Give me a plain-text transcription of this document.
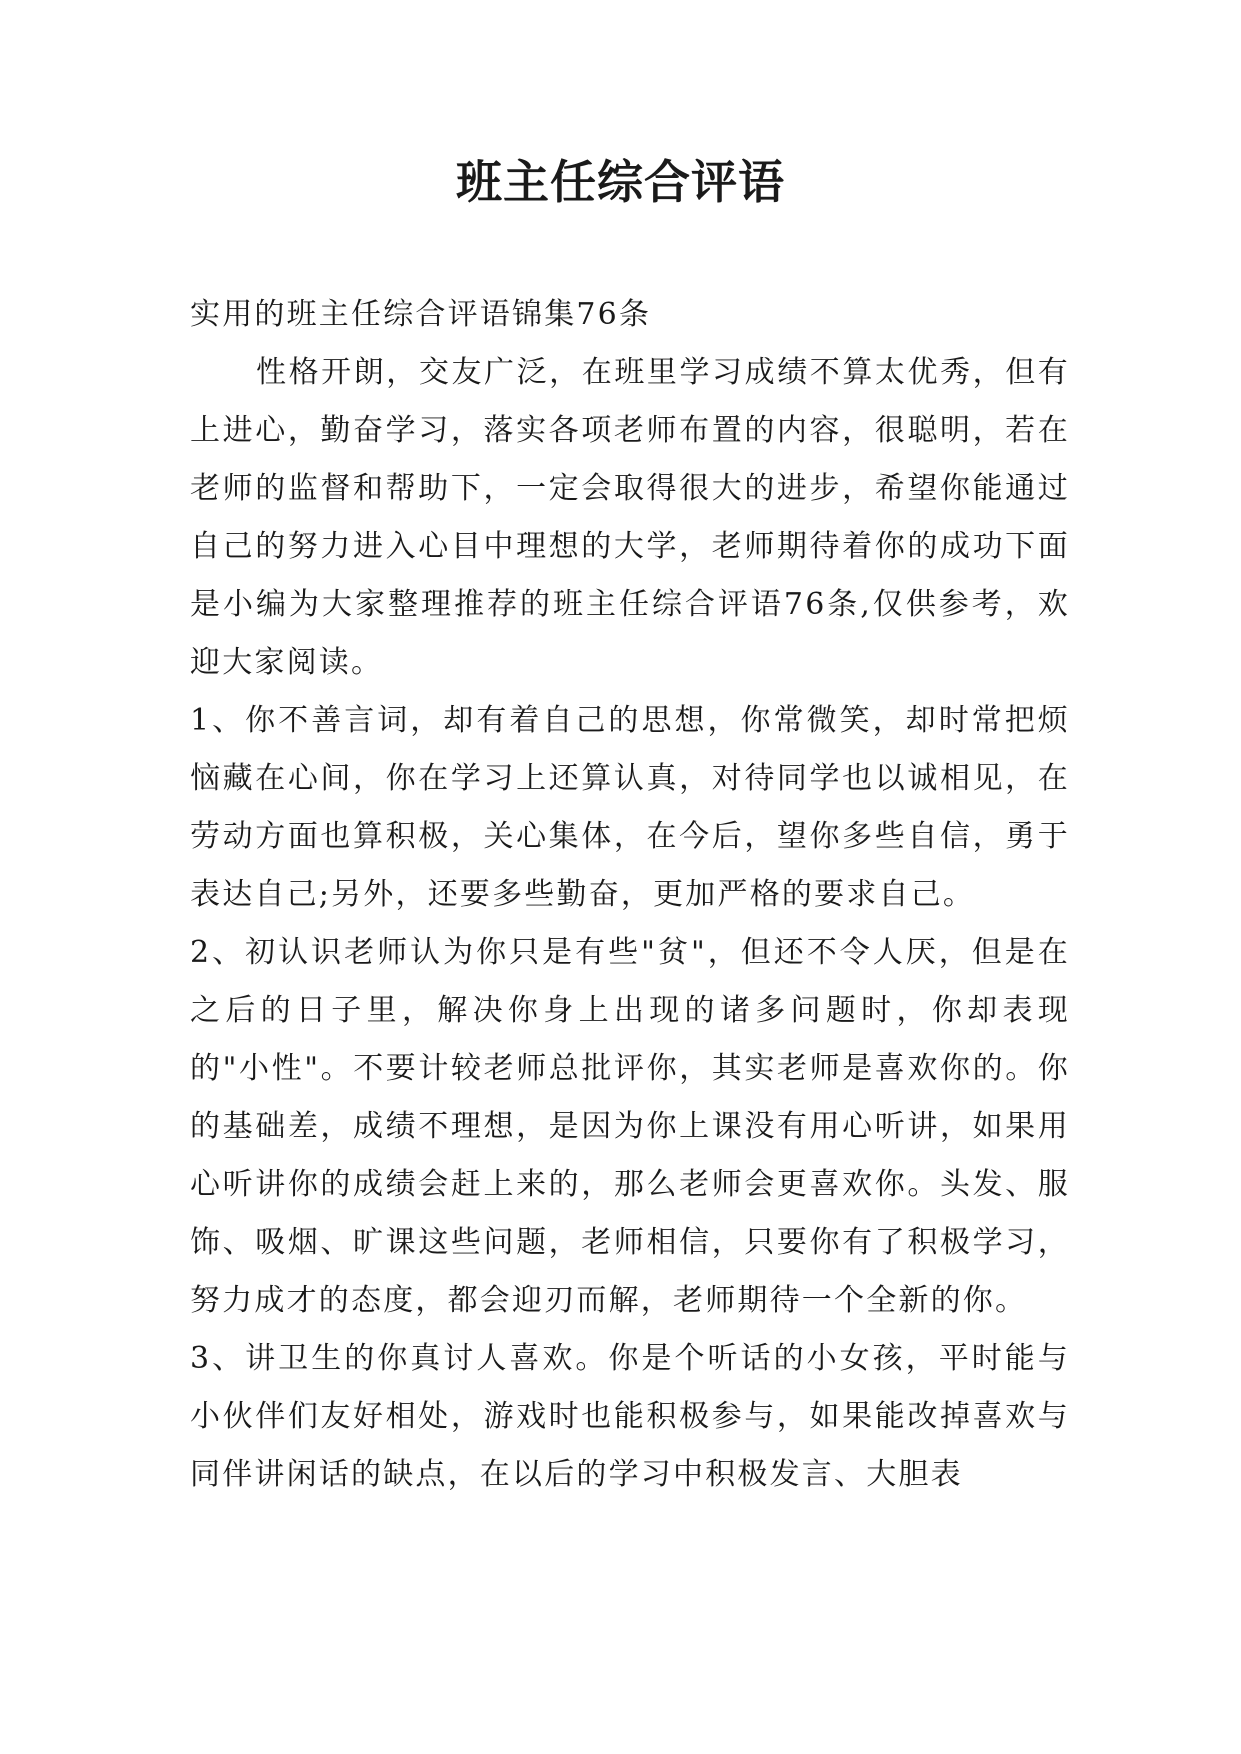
班主任综合评语

实用的班主任综合评语锦集76条

性格开朗，交友广泛，在班里学习成绩不算太优秀，但有上进心，勤奋学习，落实各项老师布置的内容，很聪明，若在老师的监督和帮助下，一定会取得很大的进步，希望你能通过自己的努力进入心目中理想的大学，老师期待着你的成功下面是小编为大家整理推荐的班主任综合评语76条,仅供参考，欢迎大家阅读。

1、你不善言词，却有着自己的思想，你常微笑，却时常把烦恼藏在心间，你在学习上还算认真，对待同学也以诚相见，在劳动方面也算积极，关心集体，在今后，望你多些自信，勇于表达自己;另外，还要多些勤奋，更加严格的要求自己。

2、初认识老师认为你只是有些"贫"，但还不令人厌，但是在之后的日子里，解决你身上出现的诸多问题时，你却表现的"小性"。不要计较老师总批评你，其实老师是喜欢你的。你的基础差，成绩不理想，是因为你上课没有用心听讲，如果用心听讲你的成绩会赶上来的，那么老师会更喜欢你。头发、服饰、吸烟、旷课这些问题，老师相信，只要你有了积极学习，努力成才的态度，都会迎刃而解，老师期待一个全新的你。

3、讲卫生的你真讨人喜欢。你是个听话的小女孩，平时能与小伙伴们友好相处，游戏时也能积极参与，如果能改掉喜欢与同伴讲闲话的缺点，在以后的学习中积极发言、大胆表
